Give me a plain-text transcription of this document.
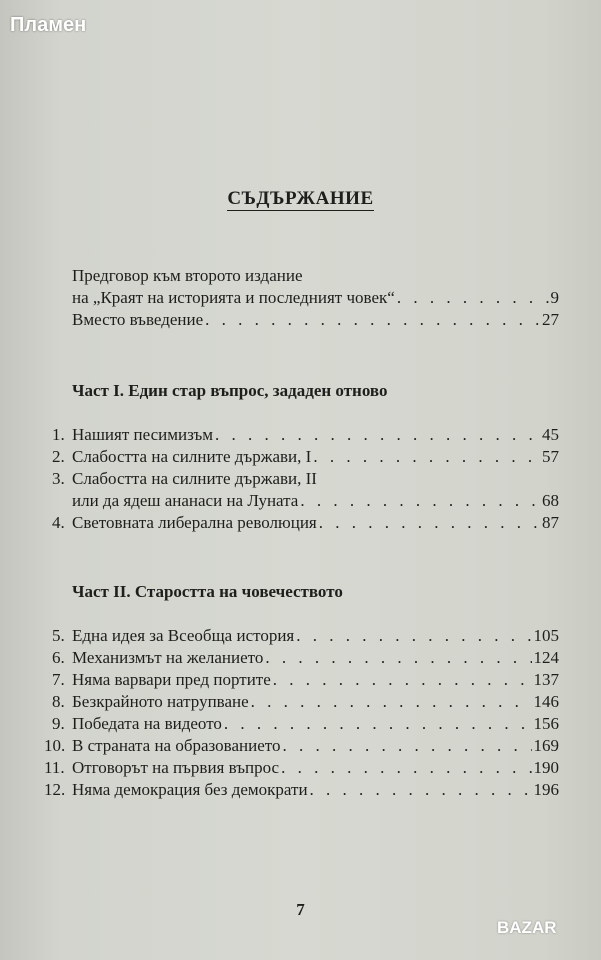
Пламен
СЪДЪРЖАНИЕ
Предговор към второто издание
на „Краят на историята и последният човек“ . . .	9
Вместо въведение . . .	27
Част I. Един стар въпрос, зададен отново
1. Нашият песимизъм . . .	45
2. Слабостта на силните държави, I . . .	57
3. Слабостта на силните държави, II
или да ядеш ананаси на Луната . . .	68
4. Световната либерална революция . . .	87
Част II. Старостта на човечеството
5. Една идея за Всеобща история . . .	105
6. Механизмът на желанието . . .	124
7. Няма варвари пред портите . . .	137
8. Безкрайното натрупване . . .	146
9. Победата на видеото . . .	156
10. В страната на образованието . . .	169
11. Отговорът на първия въпрос . . .	190
12. Няма демокрация без демократи . . .	196
7
BAZAR
